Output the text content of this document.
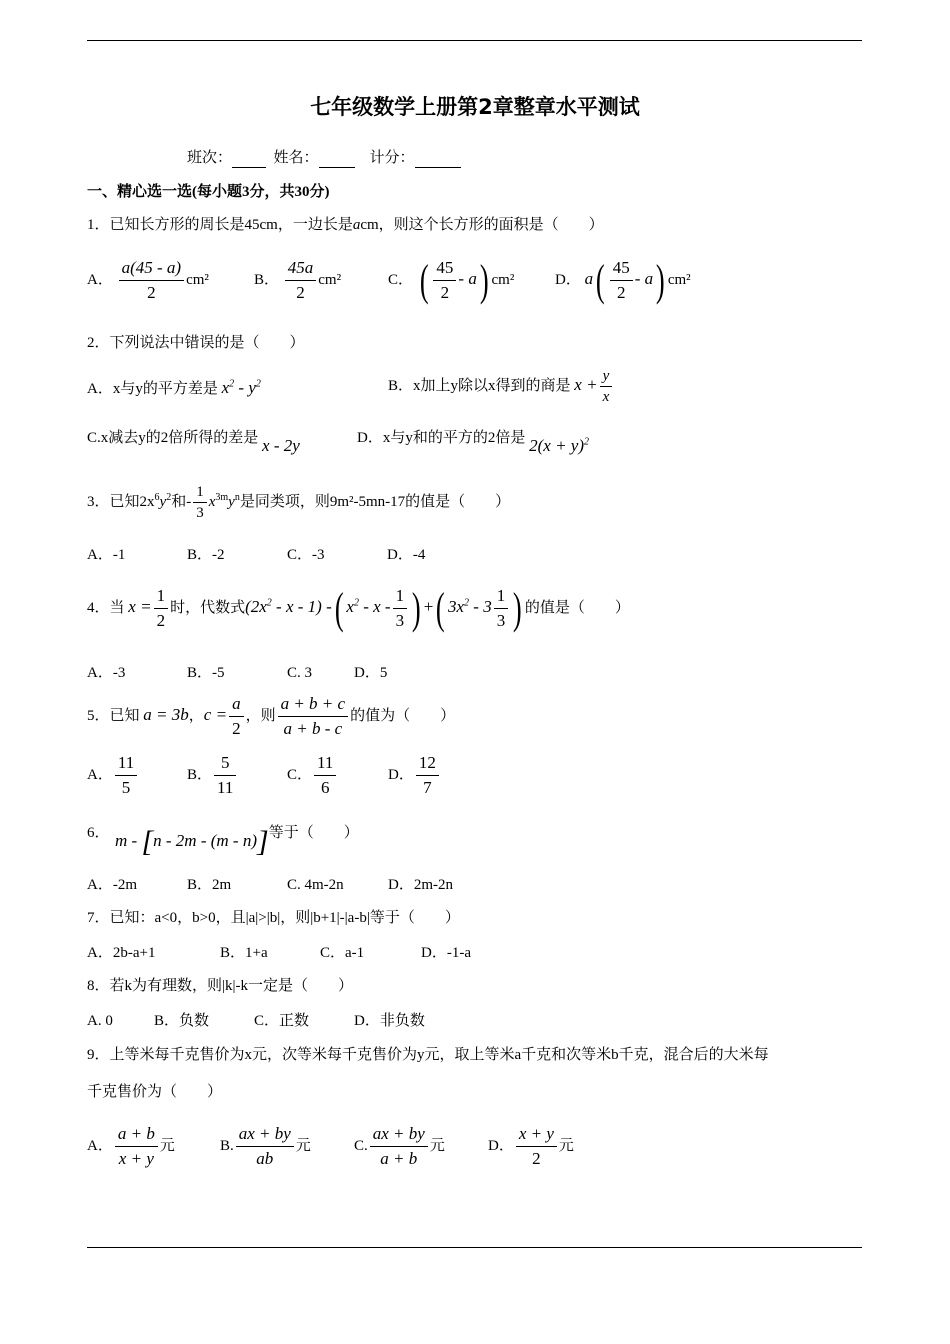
七年级数学上册第2章整章水平测试
班次：	姓名：	计分：
一、精心选一选(每小题3分，共30分)
1．已知长方形的周长是45cm，一边长是acm，则这个长方形的面积是（　　）
A． $\frac{a(45 - a)}{2} cm^2$	B． $\frac{45a}{2} cm^2$	C． ( $\frac{45}{2} - a$) cm²	D． $a( \frac{45}{2} - a)$ cm²
2．下列说法中错误的是（　　）
A．x与y的平方差是 $x^2 - y^2$	B．x加上y除以x得到的商是 $x + \frac{y}{x}$
C.x减去y的2倍所得的差是 x - 2y	D．x与y和的平方的2倍是 $2(x + y)^2$
3．已知$2x^6y^2$和- $\frac{1}{3} x^{3m}y^n$是同类项，则9m²-5mn-17的值是（　　）
A．-1	B．-2	C．-3	D．-4
4．当 $x = \frac{1}{2}$ 时，代数式($2x^2$ - x - 1) -( $x^2$ - x - $\frac{1}{3}$ ) +( $3x^2 - 3 \frac{1}{3}$ ) 的值是（　　）
A．-3	B．-5	C. 3	D．5
5．已知 a = 3b，$c = \frac{a}{2}$ ，则 $\frac{a + b + c}{a + b - c}$ 的值为（　　）
A． $\frac{11}{5}$	B． $\frac{5}{11}$	C． $\frac{11}{6}$	D． $\frac{12}{7}$
6． m - [n - 2m - (m - n)]等于（　　）
A．-2m	B．2m	C. 4m-2n	D．2m-2n
7．已知：a<0，b>0，且|a|>|b|，则|b+1|-|a-b|等于（　　）
A．2b-a+1	B．1+a	C．a-1	D．-1-a
8．若k为有理数，则|k|-k一定是（　　）
A. 0	B．负数	C．正数	D．非负数
9．上等米每千克售价为x元，次等米每千克售价为y元，取上等米a千克和次等米b千克，混合后的大米每
千克售价为（　　）
A． $\frac{a + b}{x + y}$ 元	B. $\frac{ax + by}{ab}$ 元	C. $\frac{ax + by}{a + b}$ 元	D． $\frac{x + y}{2}$ 元
